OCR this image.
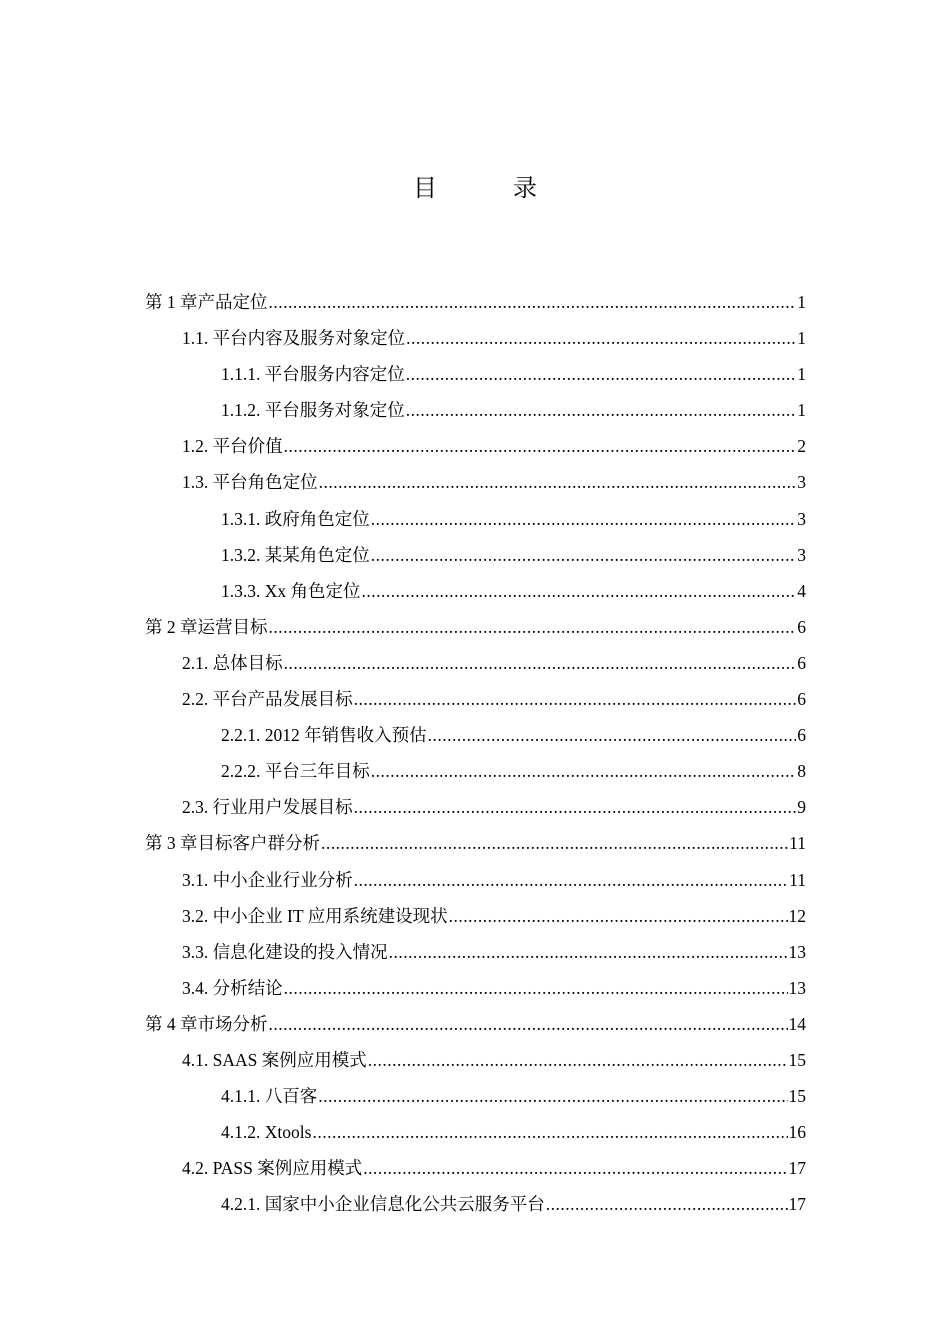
目　录
第 1 章 产品定位 .....	1
1.1. 平台内容及服务对象定位 .....	1
1.1.1. 平台服务内容定位 .....	1
1.1.2. 平台服务对象定位 .....	1
1.2. 平台价值 .....	2
1.3. 平台角色定位 .....	3
1.3.1. 政府角色定位 .....	3
1.3.2. 某某角色定位 .....	3
1.3.3. Xx 角色定位 .....	4
第 2 章 运营目标 .....	6
2.1. 总体目标 .....	6
2.2. 平台产品发展目标 .....	6
2.2.1. 2012 年销售收入预估 .....	6
2.2.2. 平台三年目标 .....	8
2.3. 行业用户发展目标 .....	9
第 3 章 目标客户群分析 .....	11
3.1. 中小企业行业分析 .....	11
3.2. 中小企业 IT 应用系统建设现状 .....	12
3.3. 信息化建设的投入情况 .....	13
3.4. 分析结论 .....	13
第 4 章 市场分析 .....	14
4.1. SAAS 案例应用模式 .....	15
4.1.1. 八百客 .....	15
4.1.2. Xtools .....	16
4.2. PASS 案例应用模式 .....	17
4.2.1. 国家中小企业信息化公共云服务平台 .....	17
